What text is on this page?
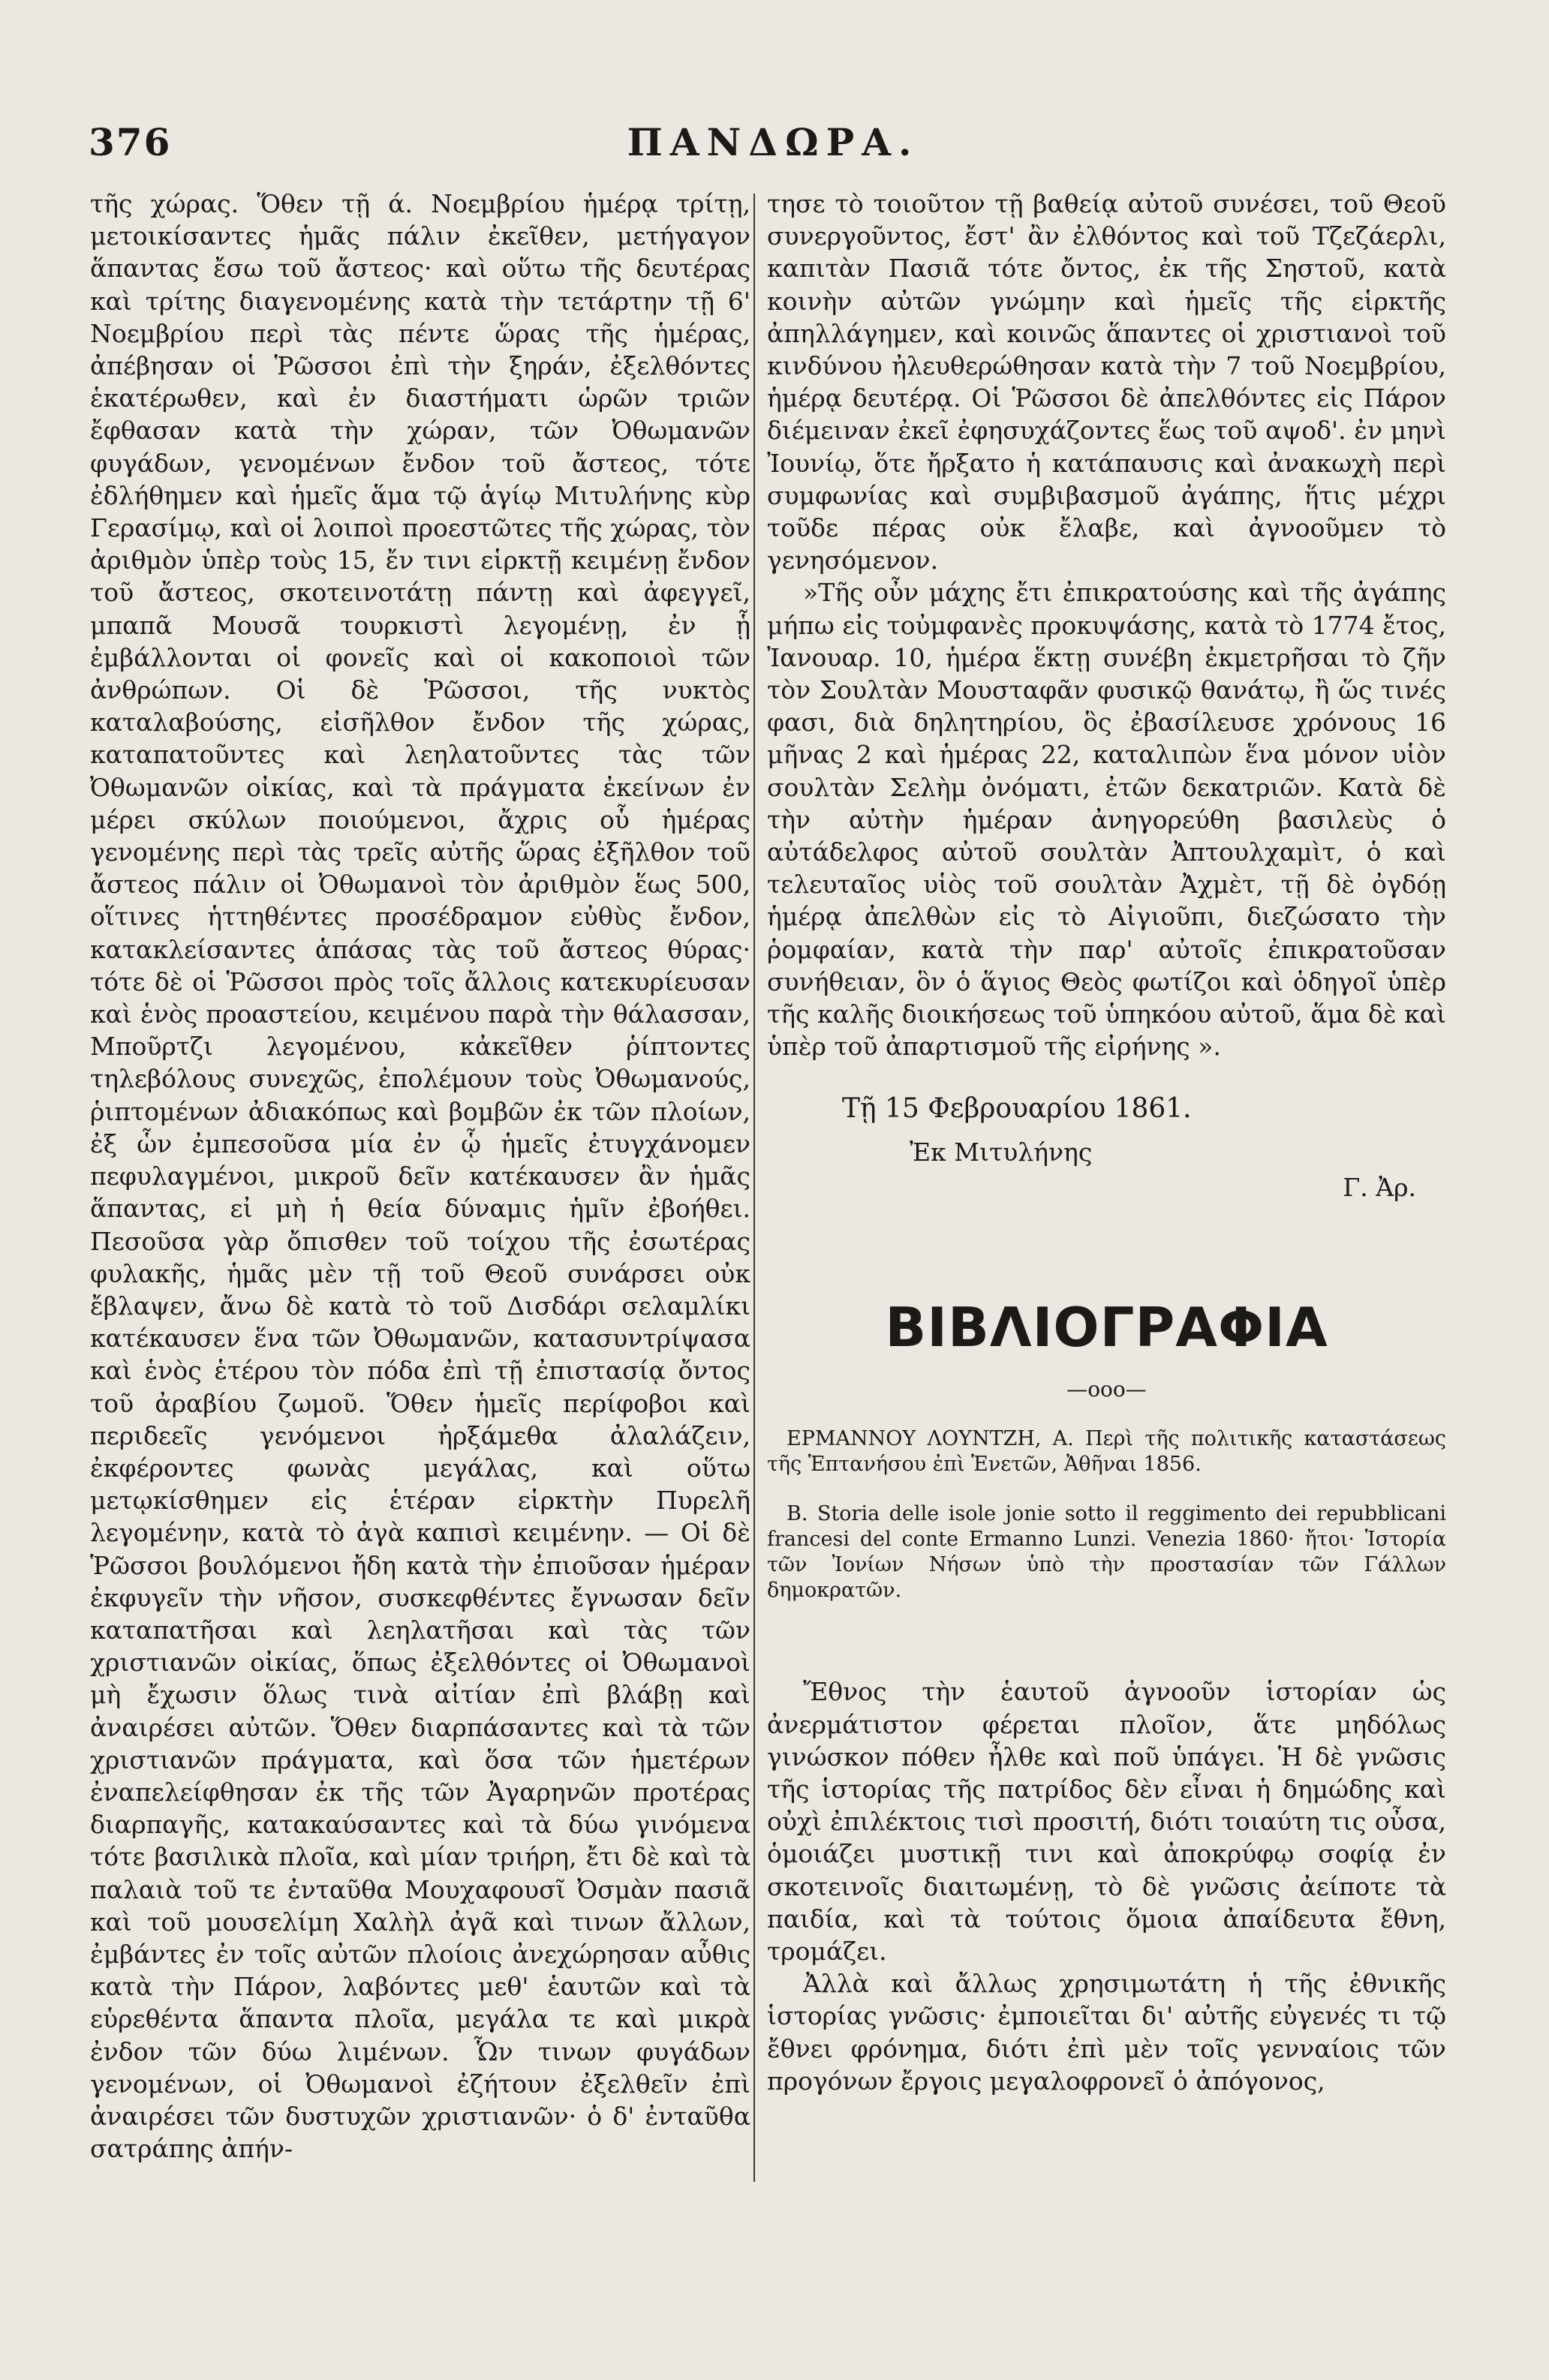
376	ΠΑΝΔΩΡΑ.

τῆς χώρας. Ὅθεν τῇ ά. Νοεμβρίου ἡμέρᾳ τρίτῃ, μετοικίσαντες ἡμᾶς πάλιν ἐκεῖθεν, μετήγαγον ἅπαντας ἔσω τοῦ ἄστεος· καὶ οὕτω τῆς δευτέρας καὶ τρίτης διαγενομένης κατὰ τὴν τετάρτην τῇ 6' Νοεμβρίου περὶ τὰς πέντε ὥρας τῆς ἡμέρας, ἀπέβησαν οἱ Ῥῶσσοι ἐπὶ τὴν ξηράν, ἐξελθόντες ἑκατέρωθεν, καὶ ἐν διαστήματι ὡρῶν τριῶν ἔφθασαν κατὰ τὴν χώραν, τῶν Ὀθωμανῶν φυγάδων, γενομένων ἔνδον τοῦ ἄστεος, τότε ἐδλήθημεν καὶ ἡμεῖς ἅμα τῷ ἁγίῳ Μιτυλήνης κὺρ Γερασίμῳ, καὶ οἱ λοιποὶ προεστῶτες τῆς χώρας, τὸν ἀριθμὸν ὑπὲρ τοὺς 15, ἔν τινι εἱρκτῇ κειμένῃ ἔνδον τοῦ ἄστεος, σκοτεινοτάτῃ πάντῃ καὶ ἀφεγγεῖ, μπαπᾶ Μουσᾶ τουρκιστὶ λεγομένῃ, ἐν ᾗ ἐμβάλλονται οἱ φονεῖς καὶ οἱ κακοποιοὶ τῶν ἀνθρώπων. Οἱ δὲ Ῥῶσσοι, τῆς νυκτὸς καταλαβούσης, εἰσῆλθον ἔνδον τῆς χώρας, καταπατοῦντες καὶ λεηλατοῦντες τὰς τῶν Ὀθωμανῶν οἰκίας, καὶ τὰ πράγματα ἐκείνων ἐν μέρει σκύλων ποιούμενοι, ἄχρις οὗ ἡμέρας γενομένης περὶ τὰς τρεῖς αὐτῆς ὥρας ἐξῆλθον τοῦ ἄστεος πάλιν οἱ Ὀθωμανοὶ τὸν ἀριθμὸν ἕως 500, οἵτινες ἡττηθέντες προσέδραμον εὐθὺς ἔνδον, κατακλείσαντες ἁπάσας τὰς τοῦ ἄστεος θύρας· τότε δὲ οἱ Ῥῶσσοι πρὸς τοῖς ἄλλοις κατεκυρίευσαν καὶ ἑνὸς προαστείου, κειμένου παρὰ τὴν θάλασσαν, Μποῦρτζι λεγομένου, κἀκεῖθεν ῥίπτοντες τηλεβόλους συνεχῶς, ἐπολέμουν τοὺς Ὀθωμανούς, ῥιπτομένων ἀδιακόπως καὶ βομβῶν ἐκ τῶν πλοίων, ἐξ ὧν ἐμπεσοῦσα μία ἐν ᾧ ἡμεῖς ἐτυγχάνομεν πεφυλαγμένοι, μικροῦ δεῖν κατέκαυσεν ἂν ἡμᾶς ἅπαντας, εἰ μὴ ἡ θεία δύναμις ἡμῖν ἐβοήθει. Πεσοῦσα γὰρ ὄπισθεν τοῦ τοίχου τῆς ἐσωτέρας φυλακῆς, ἡμᾶς μὲν τῇ τοῦ Θεοῦ συνάρσει οὐκ ἔβλαψεν, ἄνω δὲ κατὰ τὸ τοῦ Δισδάρι σελαμλίκι κατέκαυσεν ἕνα τῶν Ὀθωμανῶν, κατασυντρίψασα καὶ ἑνὸς ἑτέρου τὸν πόδα ἐπὶ τῇ ἐπιστασίᾳ ὄντος τοῦ ἀραβίου ζωμοῦ. Ὅθεν ἡμεῖς περίφοβοι καὶ περιδεεῖς γενόμενοι ἠρξάμεθα ἀλαλάζειν, ἐκφέροντες φωνὰς μεγάλας, καὶ οὕτω μετῳκίσθημεν εἰς ἑτέραν εἱρκτὴν Πυρελῆ λεγομένην, κατὰ τὸ ἀγὰ καπισὶ κειμένην. — Οἱ δὲ Ῥῶσσοι βουλόμενοι ἤδη κατὰ τὴν ἐπιοῦσαν ἡμέραν ἐκφυγεῖν τὴν νῆσον, συσκεφθέντες ἔγνωσαν δεῖν καταπατῆσαι καὶ λεηλατῆσαι καὶ τὰς τῶν χριστιανῶν οἰκίας, ὅπως ἐξελθόντες οἱ Ὀθωμανοὶ μὴ ἔχωσιν ὅλως τινὰ αἰτίαν ἐπὶ βλάβῃ καὶ ἀναιρέσει αὐτῶν. Ὅθεν διαρπάσαντες καὶ τὰ τῶν χριστιανῶν πράγματα, καὶ ὅσα τῶν ἡμετέρων ἐναπελείφθησαν ἐκ τῆς τῶν Ἀγαρηνῶν προτέρας διαρπαγῆς, κατακαύσαντες καὶ τὰ δύω γινόμενα τότε βασιλικὰ πλοῖα, καὶ μίαν τριήρη, ἔτι δὲ καὶ τὰ παλαιὰ τοῦ τε ἐνταῦθα Μουχαφουσῖ Ὀσμὰν πασιᾶ καὶ τοῦ μουσελίμη Χαλὴλ ἀγᾶ καὶ τινων ἄλλων, ἐμβάντες ἐν τοῖς αὐτῶν πλοίοις ἀνεχώρησαν αὖθις κατὰ τὴν Πάρον, λαβόντες μεθ' ἑαυτῶν καὶ τὰ εὑρεθέντα ἅπαντα πλοῖα, μεγάλα τε καὶ μικρὰ ἐνδον τῶν δύω λιμένων. Ὧν τινων φυγάδων γενομένων, οἱ Ὀθωμανοὶ ἐζήτουν ἐξελθεῖν ἐπὶ ἀναιρέσει τῶν δυστυχῶν χριστιανῶν· ὁ δ' ἐνταῦθα σατράπης ἀπήν-

τησε τὸ τοιοῦτον τῇ βαθείᾳ αὐτοῦ συνέσει, τοῦ Θεοῦ συνεργοῦντος, ἔστ' ἂν ἐλθόντος καὶ τοῦ Τζεζάερλι, καπιτὰν Πασιᾶ τότε ὄντος, ἐκ τῆς Σηστοῦ, κατὰ κοινὴν αὐτῶν γνώμην καὶ ἡμεῖς τῆς εἱρκτῆς ἀπηλλάγημεν, καὶ κοινῶς ἅπαντες οἱ χριστιανοὶ τοῦ κινδύνου ἠλευθερώθησαν κατὰ τὴν 7 τοῦ Νοεμβρίου, ἡμέρᾳ δευτέρᾳ. Οἱ Ῥῶσσοι δὲ ἀπελθόντες εἰς Πάρον διέμειναν ἐκεῖ ἐφησυχάζοντες ἕως τοῦ αψοδ'. ἐν μηνὶ Ἰουνίῳ, ὅτε ἤρξατο ἡ κατάπαυσις καὶ ἀνακωχὴ περὶ συμφωνίας καὶ συμβιβασμοῦ ἀγάπης, ἥτις μέχρι τοῦδε πέρας οὐκ ἔλαβε, καὶ ἀγνοοῦμεν τὸ γενησόμενον.

»Τῆς οὖν μάχης ἔτι ἐπικρατούσης καὶ τῆς ἀγάπης μήπω εἰς τοὐμφανὲς προκυψάσης, κατὰ τὸ 1774 ἔτος, Ἰανουαρ. 10, ἡμέρα ἕκτῃ συνέβη ἐκμετρῆσαι τὸ ζῆν τὸν Σουλτὰν Μουσταφᾶν φυσικῷ θανάτῳ, ἢ ὥς τινές φασι, διὰ δηλητηρίου, ὃς ἐβασίλευσε χρόνους 16 μῆνας 2 καὶ ἡμέρας 22, καταλιπὼν ἕνα μόνον υἱὸν σουλτὰν Σελὴμ ὀνόματι, ἐτῶν δεκατριῶν. Κατὰ δὲ τὴν αὐτὴν ἡμέραν ἀνηγορεύθη βασιλεὺς ὁ αὐτάδελφος αὐτοῦ σουλτὰν Ἀπτουλχαμὶτ, ὁ καὶ τελευταῖος υἱὸς τοῦ σουλτὰν Ἀχμὲτ, τῇ δὲ ὀγδόῃ ἡμέρᾳ ἀπελθὼν εἰς τὸ Αἰγιοῦπι, διεζώσατο τὴν ῥομφαίαν, κατὰ τὴν παρ' αὐτοῖς ἐπικρατοῦσαν συνήθειαν, ὃν ὁ ἅγιος Θεὸς φωτίζοι καὶ ὁδηγοῖ ὑπὲρ τῆς καλῆς διοικήσεως τοῦ ὑπηκόου αὐτοῦ, ἅμα δὲ καὶ ὑπὲρ τοῦ ἀπαρτισμοῦ τῆς εἰρήνης ».

Τῇ 15 Φεβρουαρίου 1861.

Ἐκ Μιτυλήνης

Γ. Ἀρ.

ΒΙΒΛΙΟΓΡΑΦΙΑ

—ooo—

ΕΡΜΑΝΝΟΥ ΛΟΥΝΤΖΗ, Α. Περὶ τῆς πολιτικῆς καταστάσεως τῆς Ἑπτανήσου ἐπὶ Ἑνετῶν, Ἀθῆναι 1856.

Β. Storia delle isole jonie sotto il reggimento dei repubblicani francesi del conte Ermanno Lunzi. Venezia 1860· ἤτοι· Ἱστορία τῶν Ἰονίων Νήσων ὑπὸ τὴν προστασίαν τῶν Γάλλων δημοκρατῶν.

Ἔθνος τὴν ἑαυτοῦ ἀγνοοῦν ἱστορίαν ὡς ἀνερμάτιστον φέρεται πλοῖον, ἅτε μηδόλως γινώσκον πόθεν ἦλθε καὶ ποῦ ὑπάγει. Ἡ δὲ γνῶσις τῆς ἱστορίας τῆς πατρίδος δὲν εἶναι ἡ δημώδης καὶ οὐχὶ ἐπιλέκτοις τισὶ προσιτή, διότι τοιαύτη τις οὖσα, ὁμοιάζει μυστικῇ τινι καὶ ἀποκρύφῳ σοφίᾳ ἐν σκοτεινοῖς διαιτωμένῃ, τὸ δὲ γνῶσις ἀείποτε τὰ παιδία, καὶ τὰ τούτοις ὅμοια ἀπαίδευτα ἔθνη, τρομάζει.

Ἀλλὰ καὶ ἄλλως χρησιμωτάτη ἡ τῆς ἐθνικῆς ἱστορίας γνῶσις· ἐμποιεῖται δι' αὐτῆς εὐγενές τι τῷ ἔθνει φρόνημα, διότι ἐπὶ μὲν τοῖς γενναίοις τῶν προγόνων ἔργοις μεγαλοφρονεῖ ὁ ἀπόγονος,
